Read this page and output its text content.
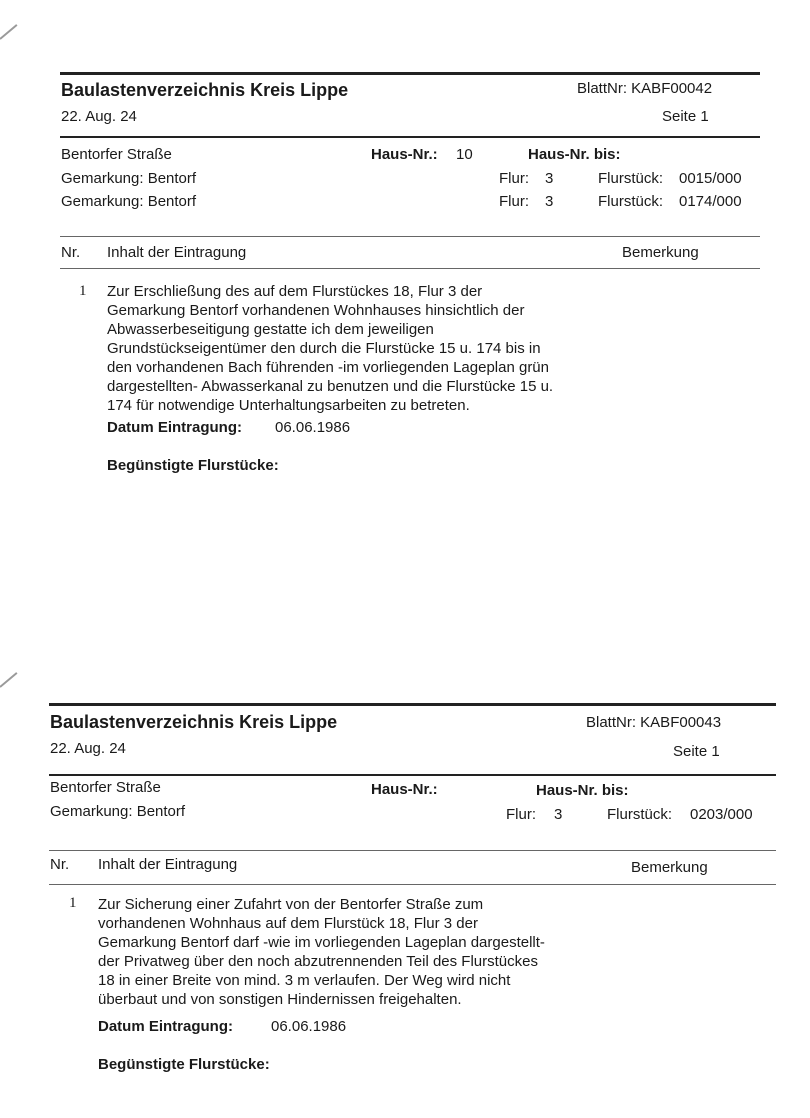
Baulastenverzeichnis Kreis Lippe	BlattNr: KABF00042
22. Aug. 24	Seite 1
Bentorfer Straße	Haus-Nr.: 10	Haus-Nr. bis:
Gemarkung: Bentorf	Flur: 3	Flurstück: 0015/000
Gemarkung: Bentorf	Flur: 3	Flurstück: 0174/000
Nr. Inhalt der Eintragung	Bemerkung
1 Zur Erschließung des auf dem Flurstückes 18, Flur 3 der
Gemarkung Bentorf vorhandenen Wohnhauses hinsichtlich der
Abwasserbeseitigung gestatte ich dem jeweiligen
Grundstückseigentümer den durch die Flurstücke 15 u. 174 bis in
den vorhandenen Bach führenden -im vorliegenden Lageplan grün
dargestellten- Abwasserkanal zu benutzen und die Flurstücke 15 u.
174 für notwendige Unterhaltungsarbeiten zu betreten.
Datum Eintragung: 06.06.1986
Begünstigte Flurstücke:
Baulastenverzeichnis Kreis Lippe	BlattNr: KABF00043
22. Aug. 24	Seite 1
Bentorfer Straße	Haus-Nr.:	Haus-Nr. bis:
Gemarkung: Bentorf	Flur: 3	Flurstück: 0203/000
Nr. Inhalt der Eintragung	Bemerkung
1 Zur Sicherung einer Zufahrt von der Bentorfer Straße zum
vorhandenen Wohnhaus auf dem Flurstück 18, Flur 3 der
Gemarkung Bentorf darf -wie im vorliegenden Lageplan dargestellt-
der Privatweg über den noch abzutrennenden Teil des Flurstückes
18 in einer Breite von mind. 3 m verlaufen. Der Weg wird nicht
überbaut und von sonstigen Hindernissen freigehalten.
Datum Eintragung:	06.06.1986
Begünstigte Flurstücke:
